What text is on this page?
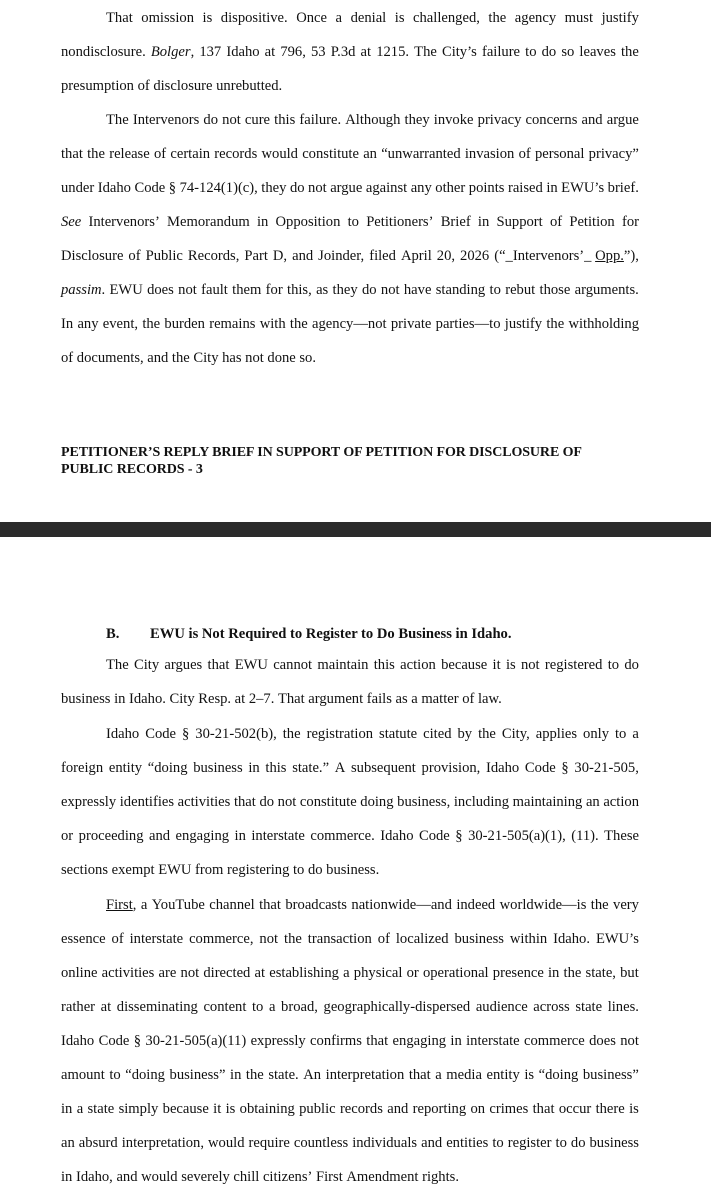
That omission is dispositive. Once a denial is challenged, the agency must justify
nondisclosure. Bolger, 137 Idaho at 796, 53 P.3d at 1215. The City’s failure to do so leaves the
presumption of disclosure unrebutted.
The Intervenors do not cure this failure. Although they invoke privacy concerns and argue
that the release of certain records would constitute an “unwarranted invasion of personal privacy”
under Idaho Code § 74-124(1)(c), they do not argue against any other points raised in EWU’s brief.
See Intervenors’ Memorandum in Opposition to Petitioners’ Brief in Support of Petition for
Disclosure of Public Records, Part D, and Joinder, filed April 20, 2026 (“_Intervenors’_ Opp.”),
passim. EWU does not fault them for this, as they do not have standing to rebut those arguments.
In any event, the burden remains with the agency—not private parties—to justify the withholding
of documents, and the City has not done so.
PETITIONER’S REPLY BRIEF IN SUPPORT OF PETITION FOR DISCLOSURE OF
PUBLIC RECORDS - 3
B. EWU is Not Required to Register to Do Business in Idaho.
The City argues that EWU cannot maintain this action because it is not registered to do
business in Idaho. City Resp. at 2–7. That argument fails as a matter of law.
Idaho Code § 30-21-502(b), the registration statute cited by the City, applies only to a
foreign entity “doing business in this state.” A subsequent provision, Idaho Code § 30-21-505,
expressly identifies activities that do not constitute doing business, including maintaining an action
or proceeding and engaging in interstate commerce. Idaho Code § 30-21-505(a)(1), (11). These
sections exempt EWU from registering to do business.
First, a YouTube channel that broadcasts nationwide—and indeed worldwide—is the very
essence of interstate commerce, not the transaction of localized business within Idaho. EWU’s
online activities are not directed at establishing a physical or operational presence in the state, but
rather at disseminating content to a broad, geographically-dispersed audience across state lines.
Idaho Code § 30-21-505(a)(11) expressly confirms that engaging in interstate commerce does not
amount to “doing business” in the state. An interpretation that a media entity is “doing business”
in a state simply because it is obtaining public records and reporting on crimes that occur there is
an absurd interpretation, would require countless individuals and entities to register to do business
in Idaho, and would severely chill citizens’ First Amendment rights.
